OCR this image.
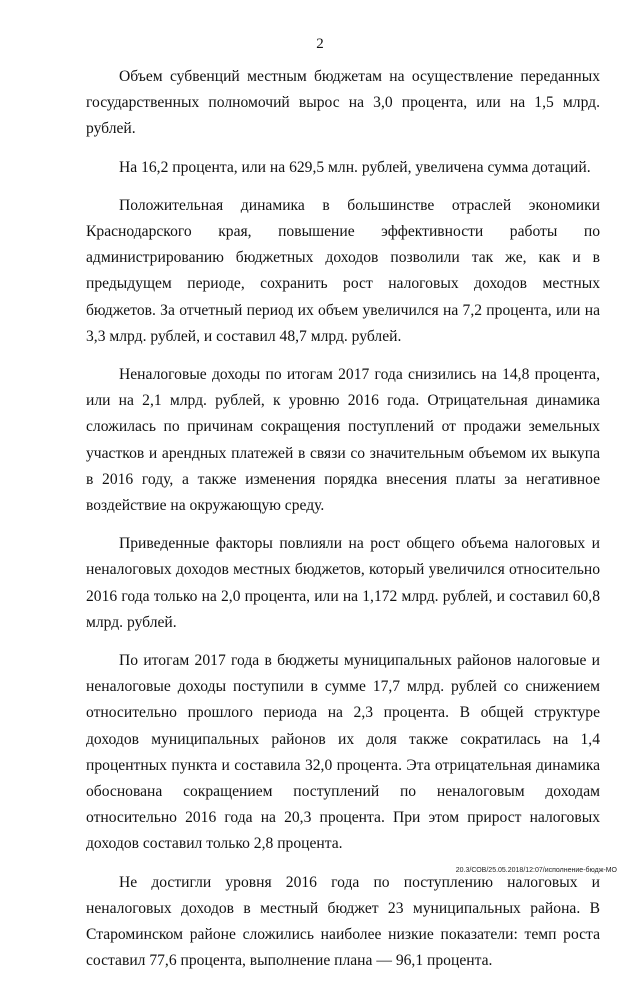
2

Объем субвенций местным бюджетам на осуществление переданных государственных полномочий вырос на 3,0 процента, или на 1,5 млрд. рублей.

На 16,2 процента, или на 629,5 млн. рублей, увеличена сумма дотаций.

Положительная динамика в большинстве отраслей экономики Краснодарского края, повышение эффективности работы по администрированию бюджетных доходов позволили так же, как и в предыдущем периоде, сохранить рост налоговых доходов местных бюджетов. За отчетный период их объем увеличился на 7,2 процента, или на 3,3 млрд. рублей, и составил 48,7 млрд. рублей.

Неналоговые доходы по итогам 2017 года снизились на 14,8 процента, или на 2,1 млрд. рублей, к уровню 2016 года. Отрицательная динамика сложилась по причинам сокращения поступлений от продажи земельных участков и арендных платежей в связи со значительным объемом их выкупа в 2016 году, а также изменения порядка внесения платы за негативное воздействие на окружающую среду.

Приведенные факторы повлияли на рост общего объема налоговых и неналоговых доходов местных бюджетов, который увеличился относительно 2016 года только на 2,0 процента, или на 1,172 млрд. рублей, и составил 60,8 млрд. рублей.

По итогам 2017 года в бюджеты муниципальных районов налоговые и неналоговые доходы поступили в сумме 17,7 млрд. рублей со снижением относительно прошлого периода на 2,3 процента. В общей структуре доходов муниципальных районов их доля также сократилась на 1,4 процентных пункта и составила 32,0 процента. Эта отрицательная динамика обоснована сокращением поступлений по неналоговым доходам относительно 2016 года на 20,3 процента. При этом прирост налоговых доходов составил только 2,8 процента.

Не достигли уровня 2016 года по поступлению налоговых и неналоговых доходов в местный бюджет 23 муниципальных района. В Староминском районе сложились наиболее низкие показатели: темп роста составил 77,6 процента, выполнение плана — 96,1 процента.

20.3/СОВ/25.05.2018/12:07/исполнение-бюдж-МО
